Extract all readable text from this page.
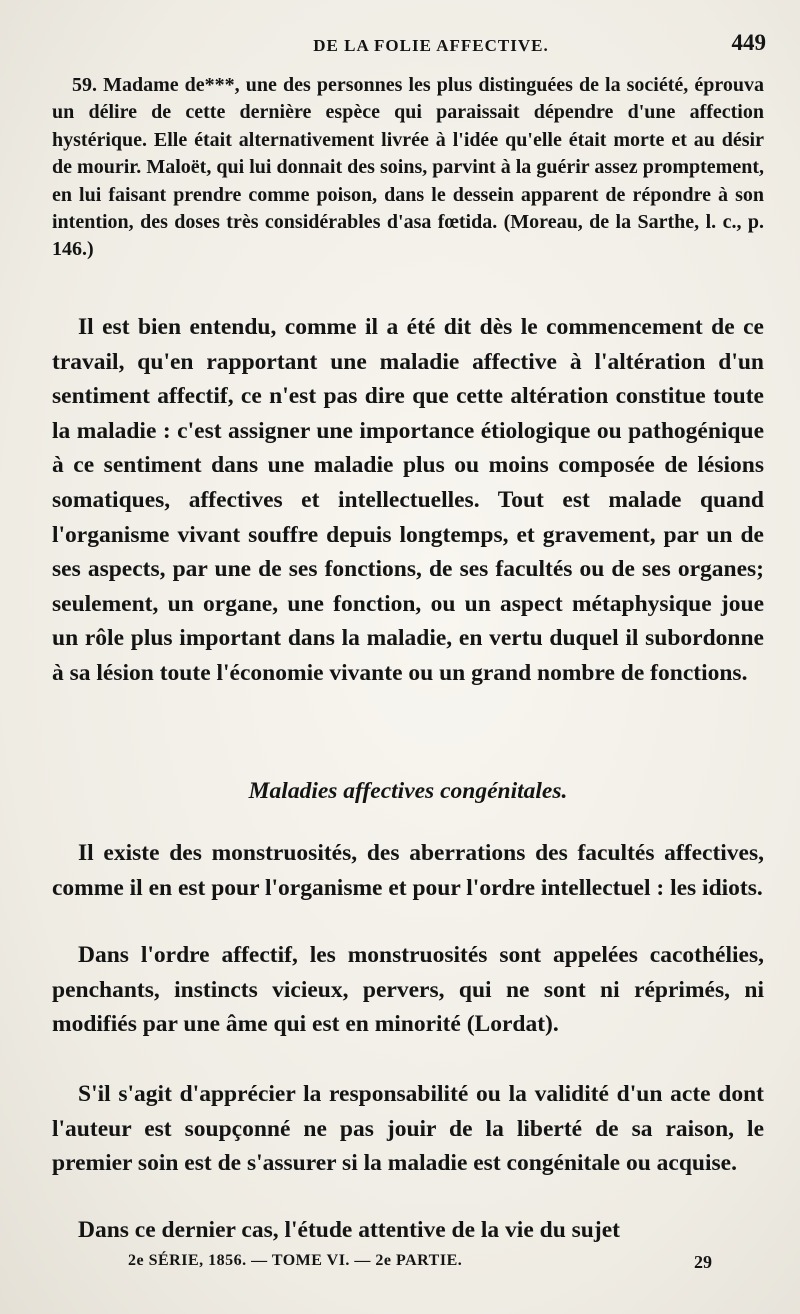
DE LA FOLIE AFFECTIVE.	449

59. Madame de***, une des personnes les plus distinguées de la société, éprouva un délire de cette dernière espèce qui paraissait dépendre d'une affection hystérique. Elle était alternativement livrée à l'idée qu'elle était morte et au désir de mourir. Maloët, qui lui donnait des soins, parvint à la guérir assez promptement, en lui faisant prendre comme poison, dans le dessein apparent de répondre à son intention, des doses très considérables d'asa fœtida. (Moreau, de la Sarthe, l. c., p. 146.)

Il est bien entendu, comme il a été dit dès le commencement de ce travail, qu'en rapportant une maladie affective à l'altération d'un sentiment affectif, ce n'est pas dire que cette altération constitue toute la maladie : c'est assigner une importance étiologique ou pathogénique à ce sentiment dans une maladie plus ou moins composée de lésions somatiques, affectives et intellectuelles. Tout est malade quand l'organisme vivant souffre depuis longtemps, et gravement, par un de ses aspects, par une de ses fonctions, de ses facultés ou de ses organes; seulement, un organe, une fonction, ou un aspect métaphysique joue un rôle plus important dans la maladie, en vertu duquel il subordonne à sa lésion toute l'économie vivante ou un grand nombre de fonctions.

Maladies affectives congénitales.

Il existe des monstruosités, des aberrations des facultés affectives, comme il en est pour l'organisme et pour l'ordre intellectuel : les idiots.

Dans l'ordre affectif, les monstruosités sont appelées cacothélies, penchants, instincts vicieux, pervers, qui ne sont ni réprimés, ni modifiés par une âme qui est en minorité (Lordat).

S'il s'agit d'apprécier la responsabilité ou la validité d'un acte dont l'auteur est soupçonné ne pas jouir de la liberté de sa raison, le premier soin est de s'assurer si la maladie est congénitale ou acquise.

Dans ce dernier cas, l'étude attentive de la vie du sujet

2e SÉRIE, 1856. — TOME VI. — 2e PARTIE.	29
